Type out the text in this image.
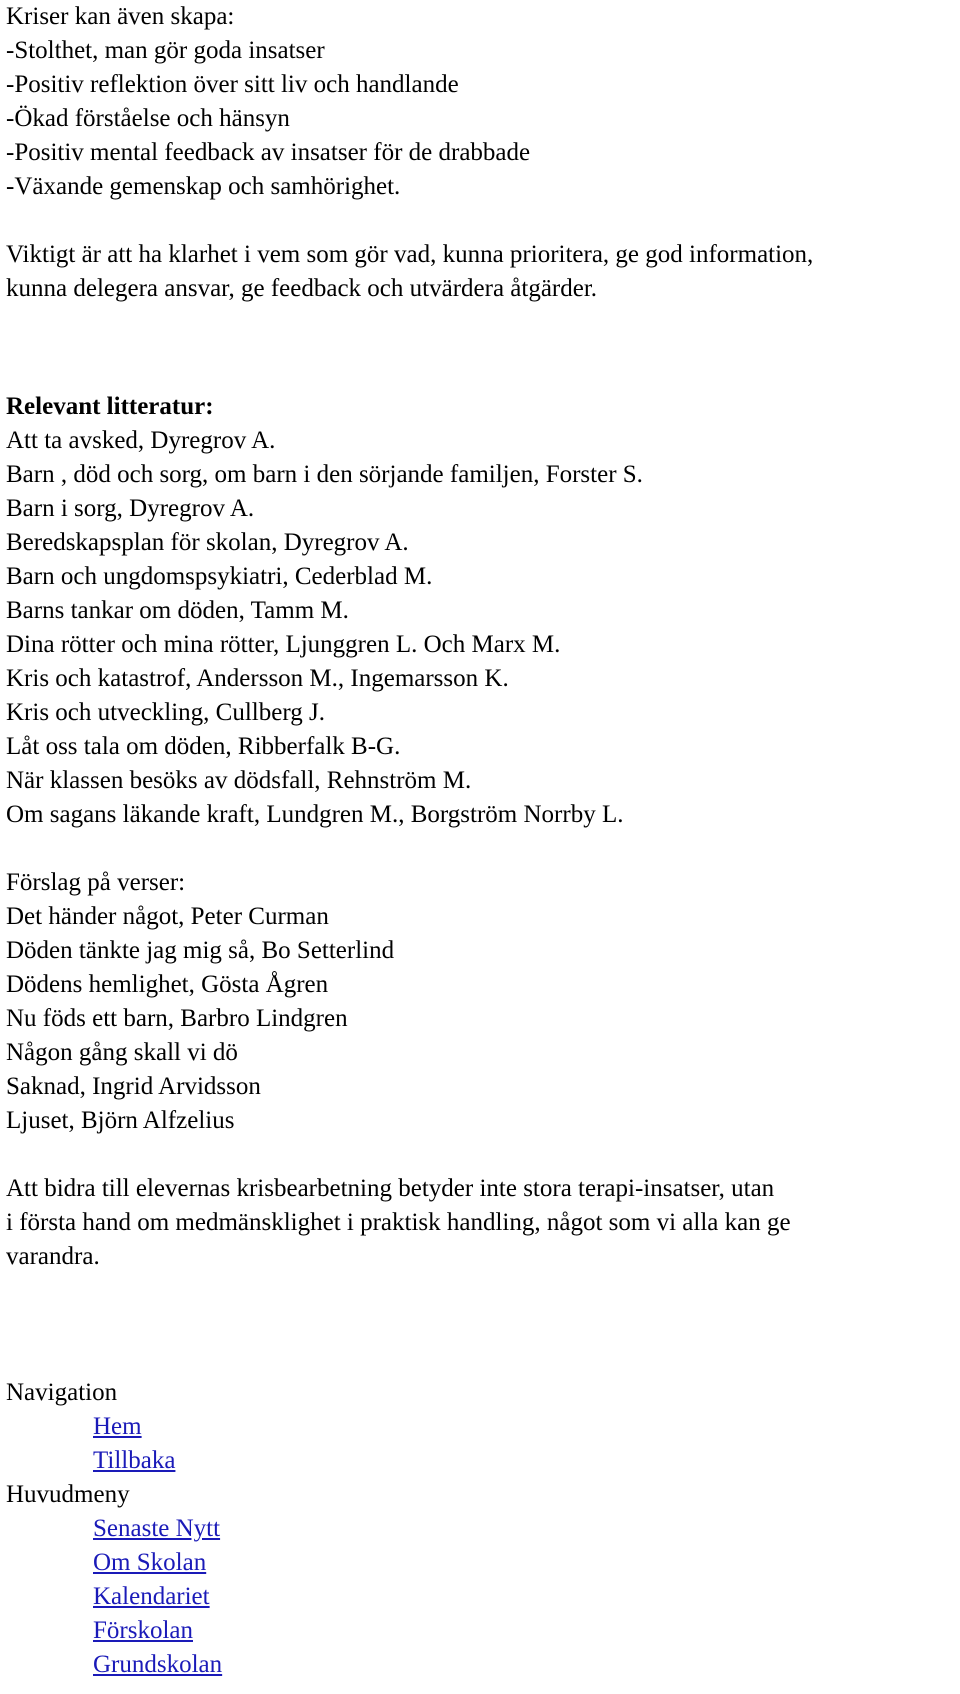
Kriser kan även skapa:
-Stolthet, man gör goda insatser
-Positiv reflektion över sitt liv och handlande
-Ökad förståelse och hänsyn
-Positiv mental feedback av insatser för de drabbade
-Växande gemenskap och samhörighet.
Viktigt är att ha klarhet i vem som gör vad, kunna prioritera, ge god information,
kunna delegera ansvar, ge feedback och utvärdera åtgärder.
Relevant litteratur:
Att ta avsked, Dyregrov A.
Barn , död och sorg, om barn i den sörjande familjen, Forster S.
Barn i sorg, Dyregrov A.
Beredskapsplan för skolan, Dyregrov A.
Barn och ungdomspsykiatri, Cederblad M.
Barns tankar om döden, Tamm M.
Dina rötter och mina rötter, Ljunggren L. Och Marx M.
Kris och katastrof, Andersson M., Ingemarsson K.
Kris och utveckling, Cullberg J.
Låt oss tala om döden, Ribberfalk B-G.
När klassen besöks av dödsfall, Rehnström M.
Om sagans läkande kraft, Lundgren M., Borgström Norrby L.
Förslag på verser:
Det händer något, Peter Curman
Döden tänkte jag mig så, Bo Setterlind
Dödens hemlighet, Gösta Ågren
Nu föds ett barn, Barbro Lindgren
Någon gång skall vi dö
Saknad, Ingrid Arvidsson
Ljuset, Björn Alfzelius
Att bidra till elevernas krisbearbetning betyder inte stora terapi-insatser, utan
i första hand om medmänsklighet i praktisk handling, något som vi alla kan ge
varandra.
Navigation
Hem
Tillbaka
Huvudmeny
Senaste Nytt
Om Skolan
Kalendariet
Förskolan
Grundskolan
